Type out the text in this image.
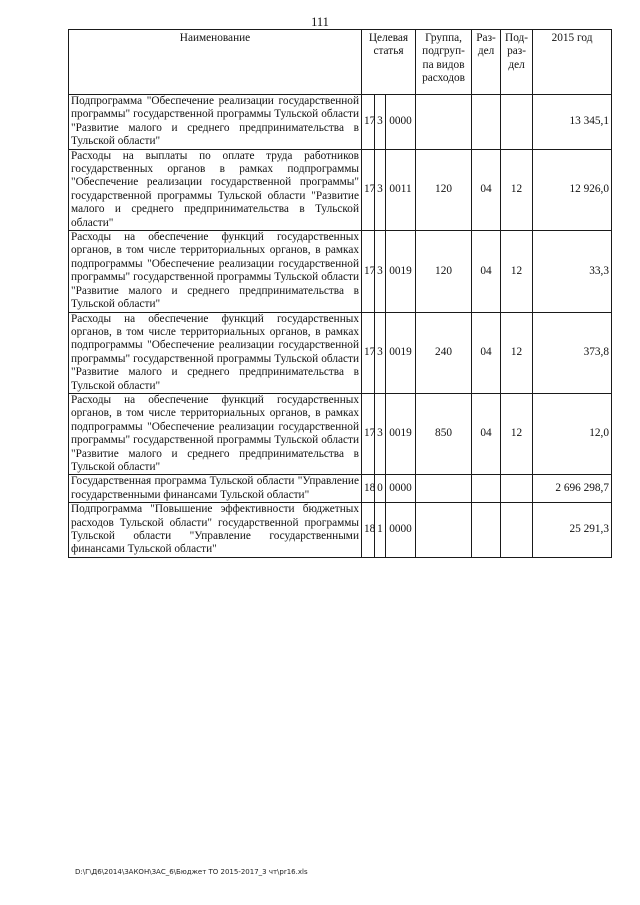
111
Наименование	Целевая статья			Группа, подгруп-па видов расходов	Раз-дел	Под-раз-дел	2015 год
Подпрограмма "Обеспечение реализации государственной программы" государственной программы Тульской области "Развитие малого и среднего предпринимательства в Тульской области"	17	3	0000				13 345,1
Расходы на выплаты по оплате труда работников государственных органов в рамках подпрограммы "Обеспечение реализации государственной программы" государственной программы Тульской области "Развитие малого и среднего предпринимательства в Тульской области"	17	3	0011	120	04	12	12 926,0
Расходы на обеспечение функций государственных органов, в том числе территориальных органов, в рамках подпрограммы "Обеспечение реализации государственной программы" государственной программы Тульской области "Развитие малого и среднего предпринимательства в Тульской области"	17	3	0019	120	04	12	33,3
Расходы на обеспечение функций государственных органов, в том числе территориальных органов, в рамках подпрограммы "Обеспечение реализации государственной программы" государственной программы Тульской области "Развитие малого и среднего предпринимательства в Тульской области"	17	3	0019	240	04	12	373,8
Расходы на обеспечение функций государственных органов, в том числе территориальных органов, в рамках подпрограммы "Обеспечение реализации государственной программы" государственной программы Тульской области "Развитие малого и среднего предпринимательства в Тульской области"	17	3	0019	850	04	12	12,0
Государственная программа Тульской области "Управление государственными финансами Тульской области"	18	0	0000				2 696 298,7
Подпрограмма "Повышение эффективности бюджетных расходов Тульской области" государственной программы Тульской области "Управление государственными финансами Тульской области"	18	1	0000				25 291,3
D:\Г\Д6\2014\ЗАКОН\ЗАС_6\Бюджет ТО 2015-2017_3 чт\рr16.xls
